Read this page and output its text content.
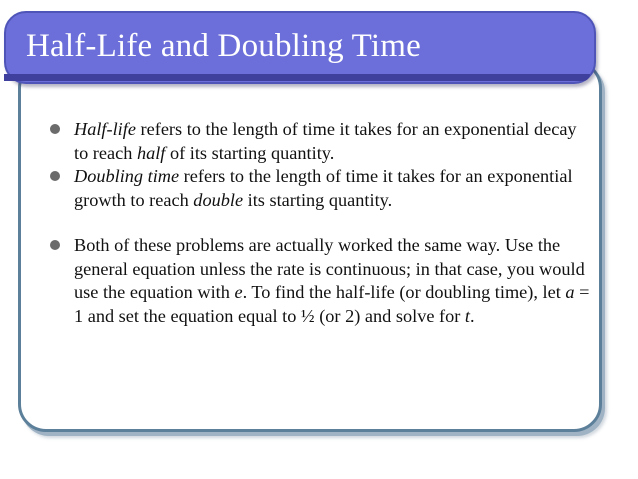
Half-Life and Doubling Time
Half-life refers to the length of time it takes for an exponential decay to reach half of its starting quantity.
Doubling time refers to the length of time it takes for an exponential growth to reach double its starting quantity.
Both of these problems are actually worked the same way. Use the general equation unless the rate is continuous; in that case, you would use the equation with e. To find the half-life (or doubling time), let a = 1 and set the equation equal to ½ (or 2) and solve for t.
